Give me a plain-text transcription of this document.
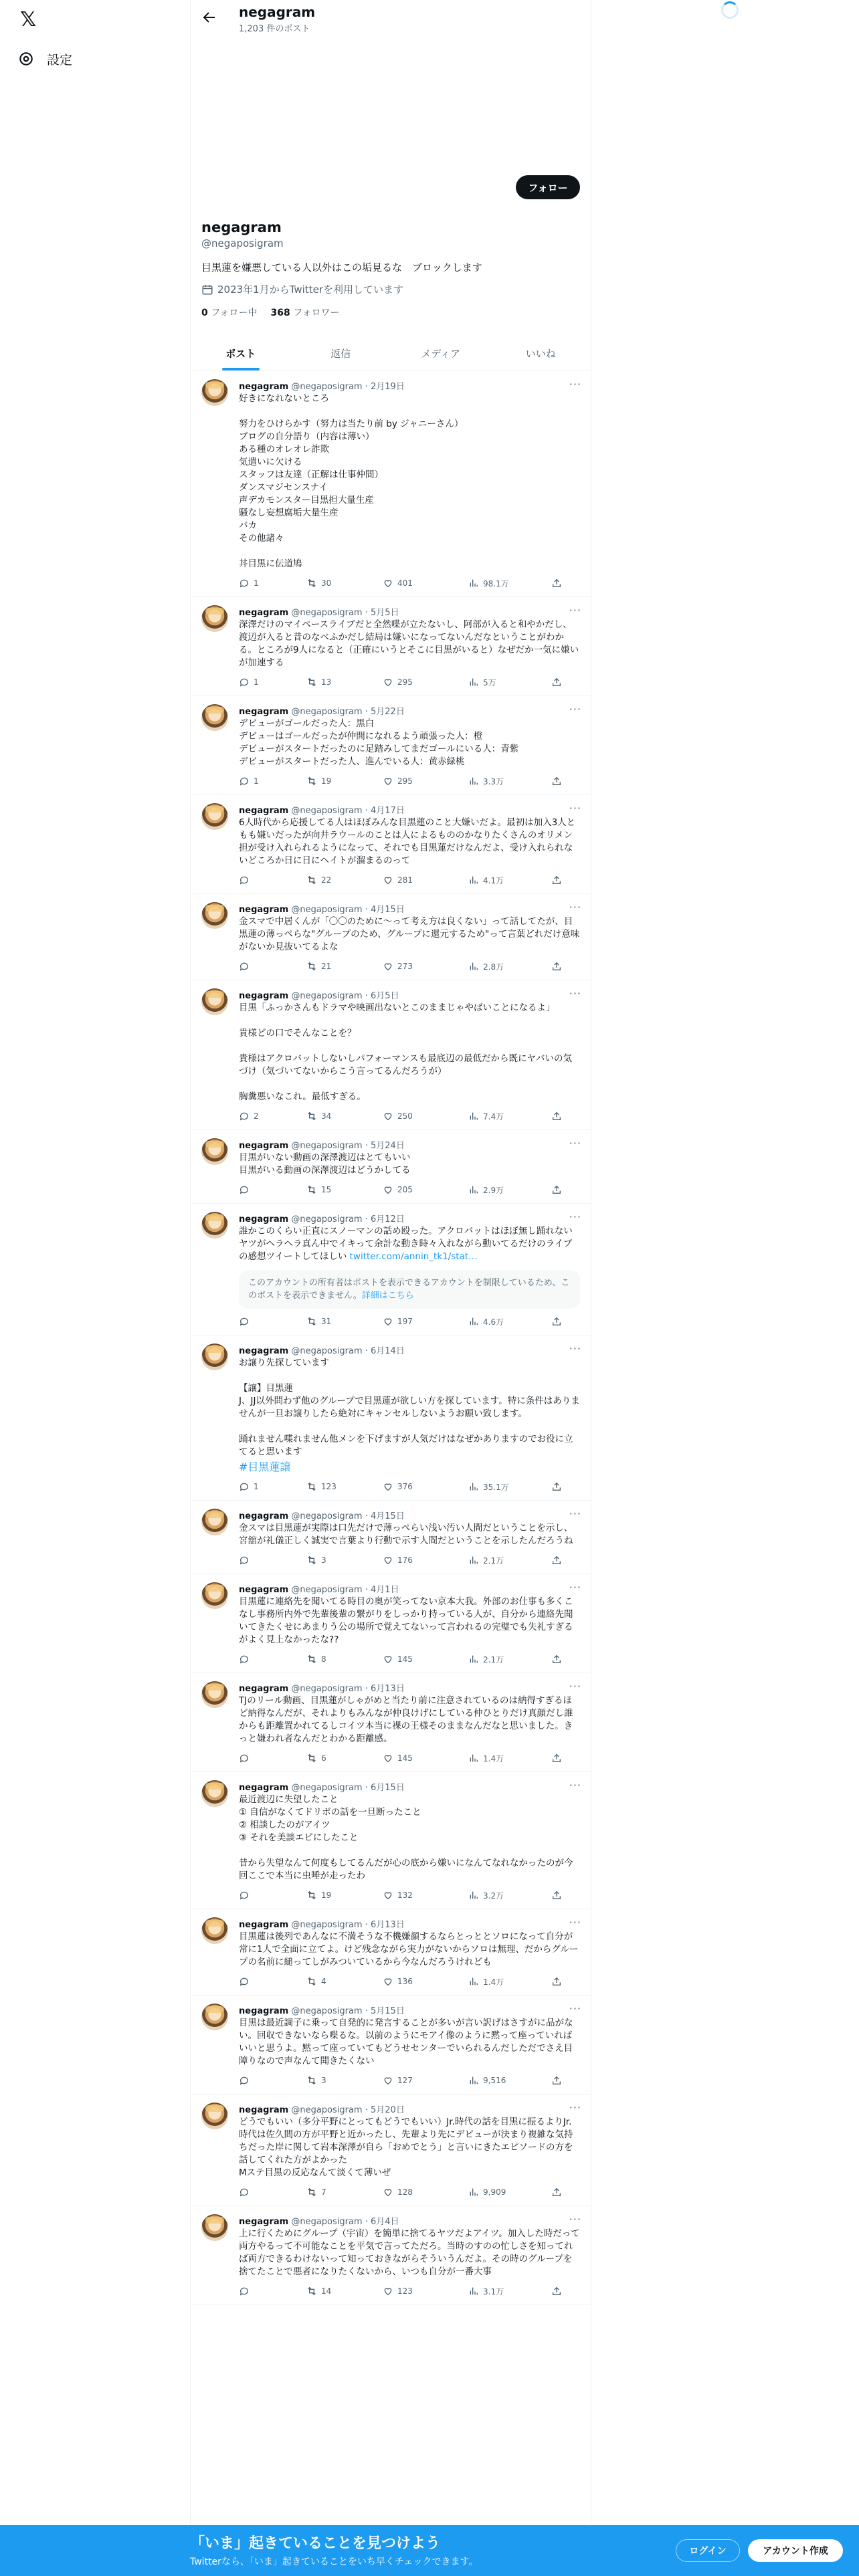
𝕏
設定
negagram
1,203 件のポスト
フォロー
negagram
@negaposigram
目黒蓮を嫌悪している人以外はこの垢見るな　ブロックします
2023年1月からTwitterを利用しています
0 フォロー中 368 フォロワー
ポスト	返信	メディア	いいね
···
negagram @negaposigram · 2月19日
好きになれないところ

努力をひけらかす（努力は当たり前 by ジャニーさん）
ブログの自分語り（内容は薄い）
ある種のオレオレ詐欺
気遣いに欠ける
スタッフは友達（正解は仕事仲間）
ダンスマジセンスナイ
声デカモンスター目黒担大量生産
騒なし妄想腐垢大量生産
バカ
その他諸々

丼目黒に伝道鳩
1	30	401	98.1万
···
negagram @negaposigram · 5月5日
深澤だけのマイペースライブだと全然喋が立たないし、阿部が入ると和やかだし、渡辺が入ると昔のなべふかだし結局は嫌いになってないんだなということがわかる。ところが9人になると（正確にいうとそこに目黒がいると）なぜだか一気に嫌いが加速する
1	13	295	5万
···
negagram @negaposigram · 5月22日
デビューがゴールだった人：黒白
デビューはゴールだったが仲間になれるよう頑張った人：橙
デビューがスタートだったのに足踏みしてまだゴールにいる人：青紫
デビューがスタートだった人、進んでいる人：黄赤緑桃
1	19	295	3.3万
···
negagram @negaposigram · 4月17日
6人時代から応援してる人はほぼみんな目黒蓮のこと大嫌いだよ。最初は加入3人ともも嫌いだったが向井ラウールのことは人によるもののかなりたくさんのオリメン担が受け入れられるようになって、それでも目黒蓮だけなんだよ、受け入れられないどころか日に日にヘイトが溜まるのって
22	281	4.1万
···
negagram @negaposigram · 4月15日
金スマで中居くんが「〇〇のために〜って考え方は良くない」って話してたが、目黒蓮の薄っぺらな"グループのため、グループに還元するため"って言葉どれだけ意味がないか見抜いてるよな
21	273	2.8万
···
negagram @negaposigram · 6月5日
目黒「ふっかさんもドラマや映画出ないとこのままじゃやばいことになるよ」

貴様どの口でそんなことを？

貴様はアクロバットしないしパフォーマンスも最底辺の最低だから既にヤバいの気づけ（気づいてないからこう言ってるんだろうが）

胸糞悪いなこれ。最低すぎる。
2	34	250	7.4万
···
negagram @negaposigram · 5月24日
目黒がいない動画の深澤渡辺はとてもいい
目黒がいる動画の深澤渡辺はどうかしてる
15	205	2.9万
···
negagram @negaposigram · 6月12日
誰かこのくらい正直にスノーマンの話め殴った。アクロバットはほぼ無し踊れないヤツがヘラヘラ真ん中でイキって余計な動き時々入れながら動いてるだけのライブの感想ツイートしてほしい twitter.com/annin_tk1/stat…
このアカウントの所有者はポストを表示できるアカウントを制限しているため、このポストを表示できません。詳細はこちら
31	197	4.6万
···
negagram @negaposigram · 6月14日
お譲り先探しています

【譲】目黒蓮
J、JJ以外問わず他のグループで目黒蓮が欲しい方を探しています。特に条件はありませんが一旦お譲りしたら絶対にキャンセルしないようお願い致します。

踊れません喋れません他メンを下げますが人気だけはなぜかありますのでお役に立てると思います
#目黒蓮譲
1	123	376	35.1万
···
negagram @negaposigram · 4月15日
金スマは目黒蓮が実際は口先だけで薄っぺらい浅い汚い人間だということを示し、宮舘が礼儀正しく誠実で言葉より行動で示す人間だということを示したんだろうね
3	176	2.1万
···
negagram @negaposigram · 4月1日
目黒蓮に連絡先を聞いてる時目の奥が笑ってない京本大我。外部のお仕事も多くこなし事務所内外で先輩後輩の繋がりをしっかり持っている人が、自分から連絡先聞いてきたくせにあまりう公の場所で覚えてないって言われるの完璧でも失礼すぎるがよく見上なかったな??
8	145	2.1万
···
negagram @negaposigram · 6月13日
TJのリール動画、目黒蓮がしゃがめと当たり前に注意されているのは納得すぎるほど納得なんだが、それよりもみんなが仲良けげにしている仲ひとりだけ真顔だし誰からも距離置かれてるしコイツ本当に裸の王様そのままなんだなと思いました。きっと嫌われ者なんだとわかる距離感。
6	145	1.4万
···
negagram @negaposigram · 6月15日
最近渡辺に失望したこと
① 自信がなくてドリボの話を一旦断ったこと
② 相談したのがアイツ
③ それを美談エピにしたこと

昔から失望なんて何度もしてるんだが心の底から嫌いになんてなれなかったのが今回ここで本当に虫唾が走ったわ
19	132	3.2万
···
negagram @negaposigram · 6月13日
目黒蓮は後列であんなに不満そうな不機嫌顔するならとっととソロになって自分が常に1人で全面に立てよ。けど残念ながら実力がないからソロは無理、だからグループの名前に縋ってしがみついているから今なんだろうけれども
4	136	1.4万
···
negagram @negaposigram · 5月15日
目黒は最近調子に乗って自発的に発言することが多いが言い訳げはさすがに品がない。回収できないなら喋るな。以前のようにモアイ像のように黙って座っていればいいと思うよ。黙って座っていてもどうせセンターでいられるんだしただでさえ目障りなので声なんて聞きたくない
3	127	9,516
···
negagram @negaposigram · 5月20日
どうでもいい（多分平野にとってもどうでもいい）Jr.時代の話を目黒に振るよりJr.時代は佐久間の方が平野と近かったし、先輩より先にデビューが決まり複雑な気持ちだった岸に関して岩本深澤が自ら「おめでとう」と言いにきたエピソードの方を話してくれた方がよかった
Mステ目黒の反応なんて淡くて薄いぜ
7	128	9,909
···
negagram @negaposigram · 6月4日
上に行くためにグループ（宇宙）を簡単に捨てるヤツだよアイツ。加入した時だって両方やるって不可能なことを平気で言ってただろ。当時のすのの忙しさを知ってれば両方できるわけないって知っておきながらそういうんだよ。その時のグループを捨てたことで悪者になりたくないから、いつも自分が一番大事
14	123	3.1万
「いま」起きていることを見つけよう
Twitterなら、「いま」起きていることをいち早くチェックできます。
ログイン	アカウント作成
